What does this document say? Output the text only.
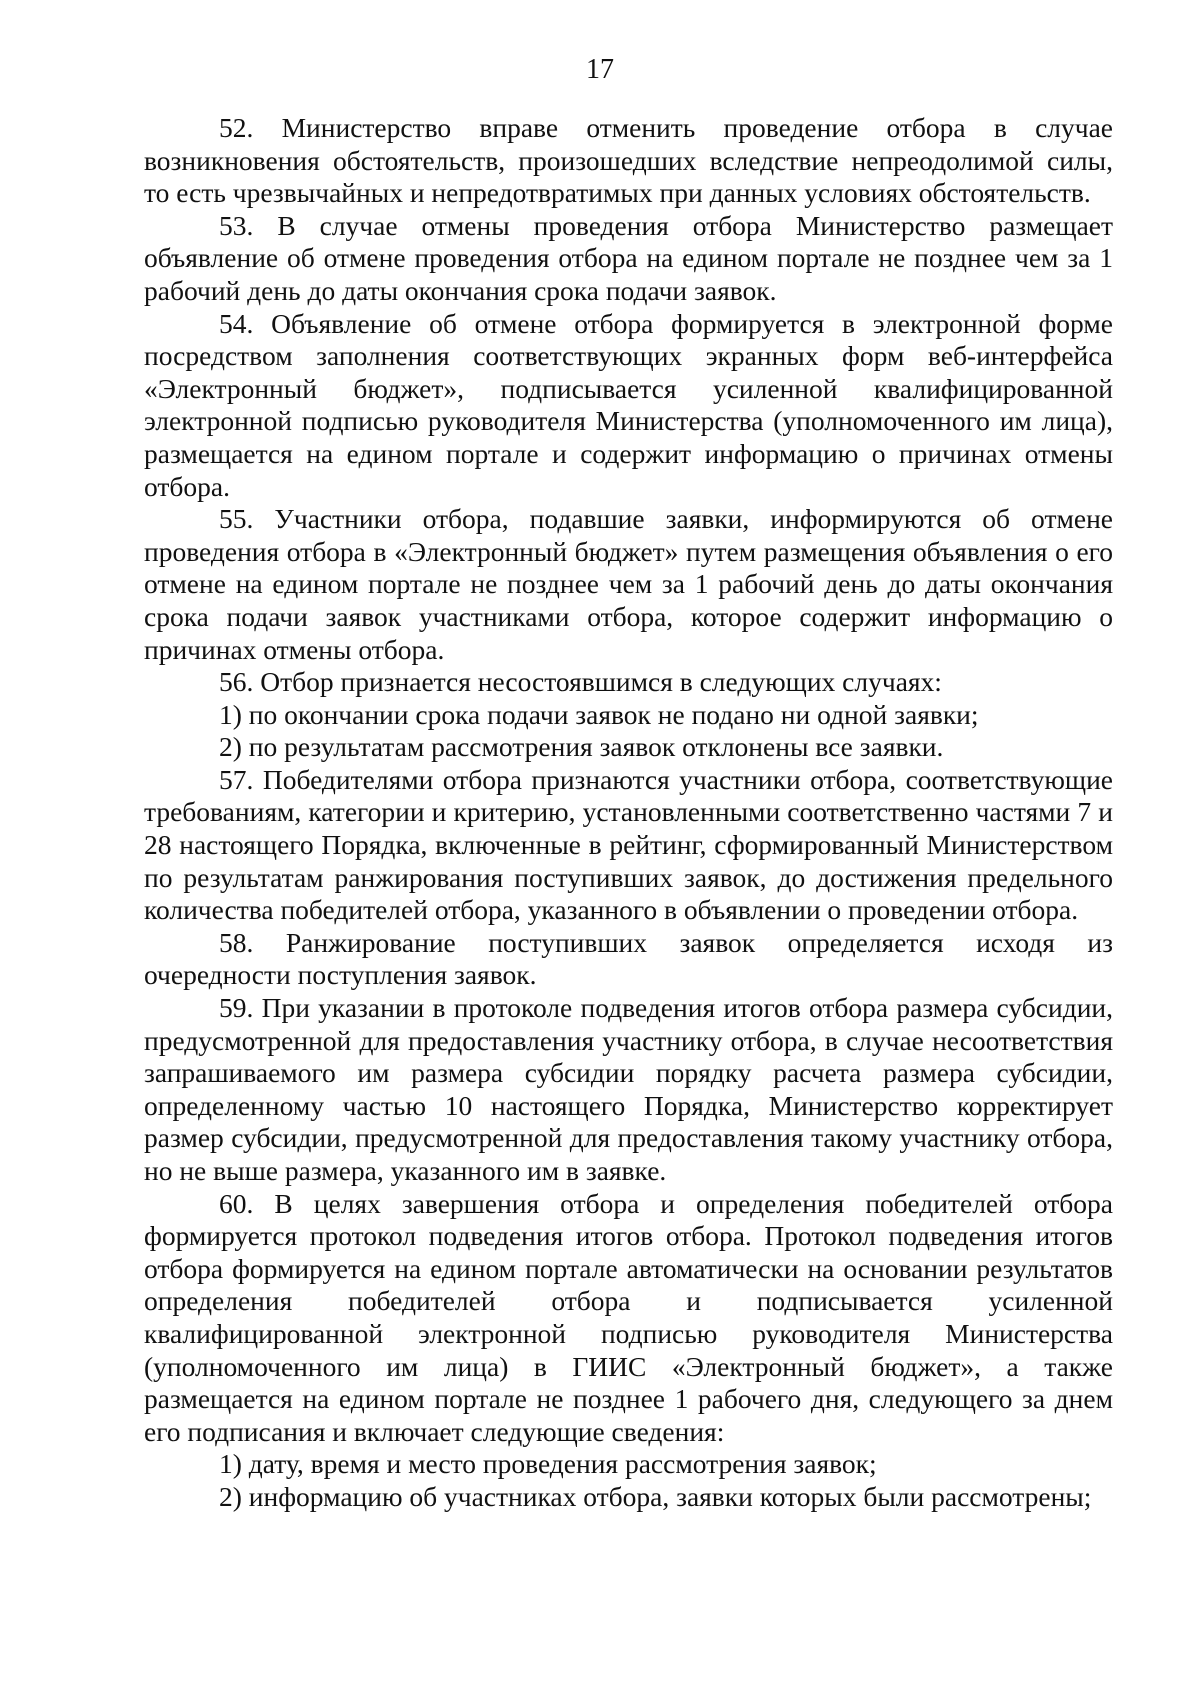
17

52. Министерство вправе отменить проведение отбора в случае возникновения обстоятельств, произошедших вследствие непреодолимой силы, то есть чрезвычайных и непредотвратимых при данных условиях обстоятельств.

53. В случае отмены проведения отбора Министерство размещает объявление об отмене проведения отбора на едином портале не позднее чем за 1 рабочий день до даты окончания срока подачи заявок.

54. Объявление об отмене отбора формируется в электронной форме посредством заполнения соответствующих экранных форм веб-интерфейса «Электронный бюджет», подписывается усиленной квалифицированной электронной подписью руководителя Министерства (уполномоченного им лица), размещается на едином портале и содержит информацию о причинах отмены отбора.

55. Участники отбора, подавшие заявки, информируются об отмене проведения отбора в «Электронный бюджет» путем размещения объявления о его отмене на едином портале не позднее чем за 1 рабочий день до даты окончания срока подачи заявок участниками отбора, которое содержит информацию о причинах отмены отбора.

56. Отбор признается несостоявшимся в следующих случаях:

1) по окончании срока подачи заявок не подано ни одной заявки;

2) по результатам рассмотрения заявок отклонены все заявки.

57. Победителями отбора признаются участники отбора, соответствующие требованиям, категории и критерию, установленными соответственно частями 7 и 28 настоящего Порядка, включенные в рейтинг, сформированный Министерством по результатам ранжирования поступивших заявок, до достижения предельного количества победителей отбора, указанного в объявлении о проведении отбора.

58. Ранжирование поступивших заявок определяется исходя из очередности поступления заявок.

59. При указании в протоколе подведения итогов отбора размера субсидии, предусмотренной для предоставления участнику отбора, в случае несоответствия запрашиваемого им размера субсидии порядку расчета размера субсидии, определенному частью 10 настоящего Порядка, Министерство корректирует размер субсидии, предусмотренной для предоставления такому участнику отбора, но не выше размера, указанного им в заявке.

60. В целях завершения отбора и определения победителей отбора формируется протокол подведения итогов отбора. Протокол подведения итогов отбора формируется на едином портале автоматически на основании результатов определения победителей отбора и подписывается усиленной квалифицированной электронной подписью руководителя Министерства (уполномоченного им лица) в ГИИС «Электронный бюджет», а также размещается на едином портале не позднее 1 рабочего дня, следующего за днем его подписания и включает следующие сведения:

1) дату, время и место проведения рассмотрения заявок;

2) информацию об участниках отбора, заявки которых были рассмотрены;
